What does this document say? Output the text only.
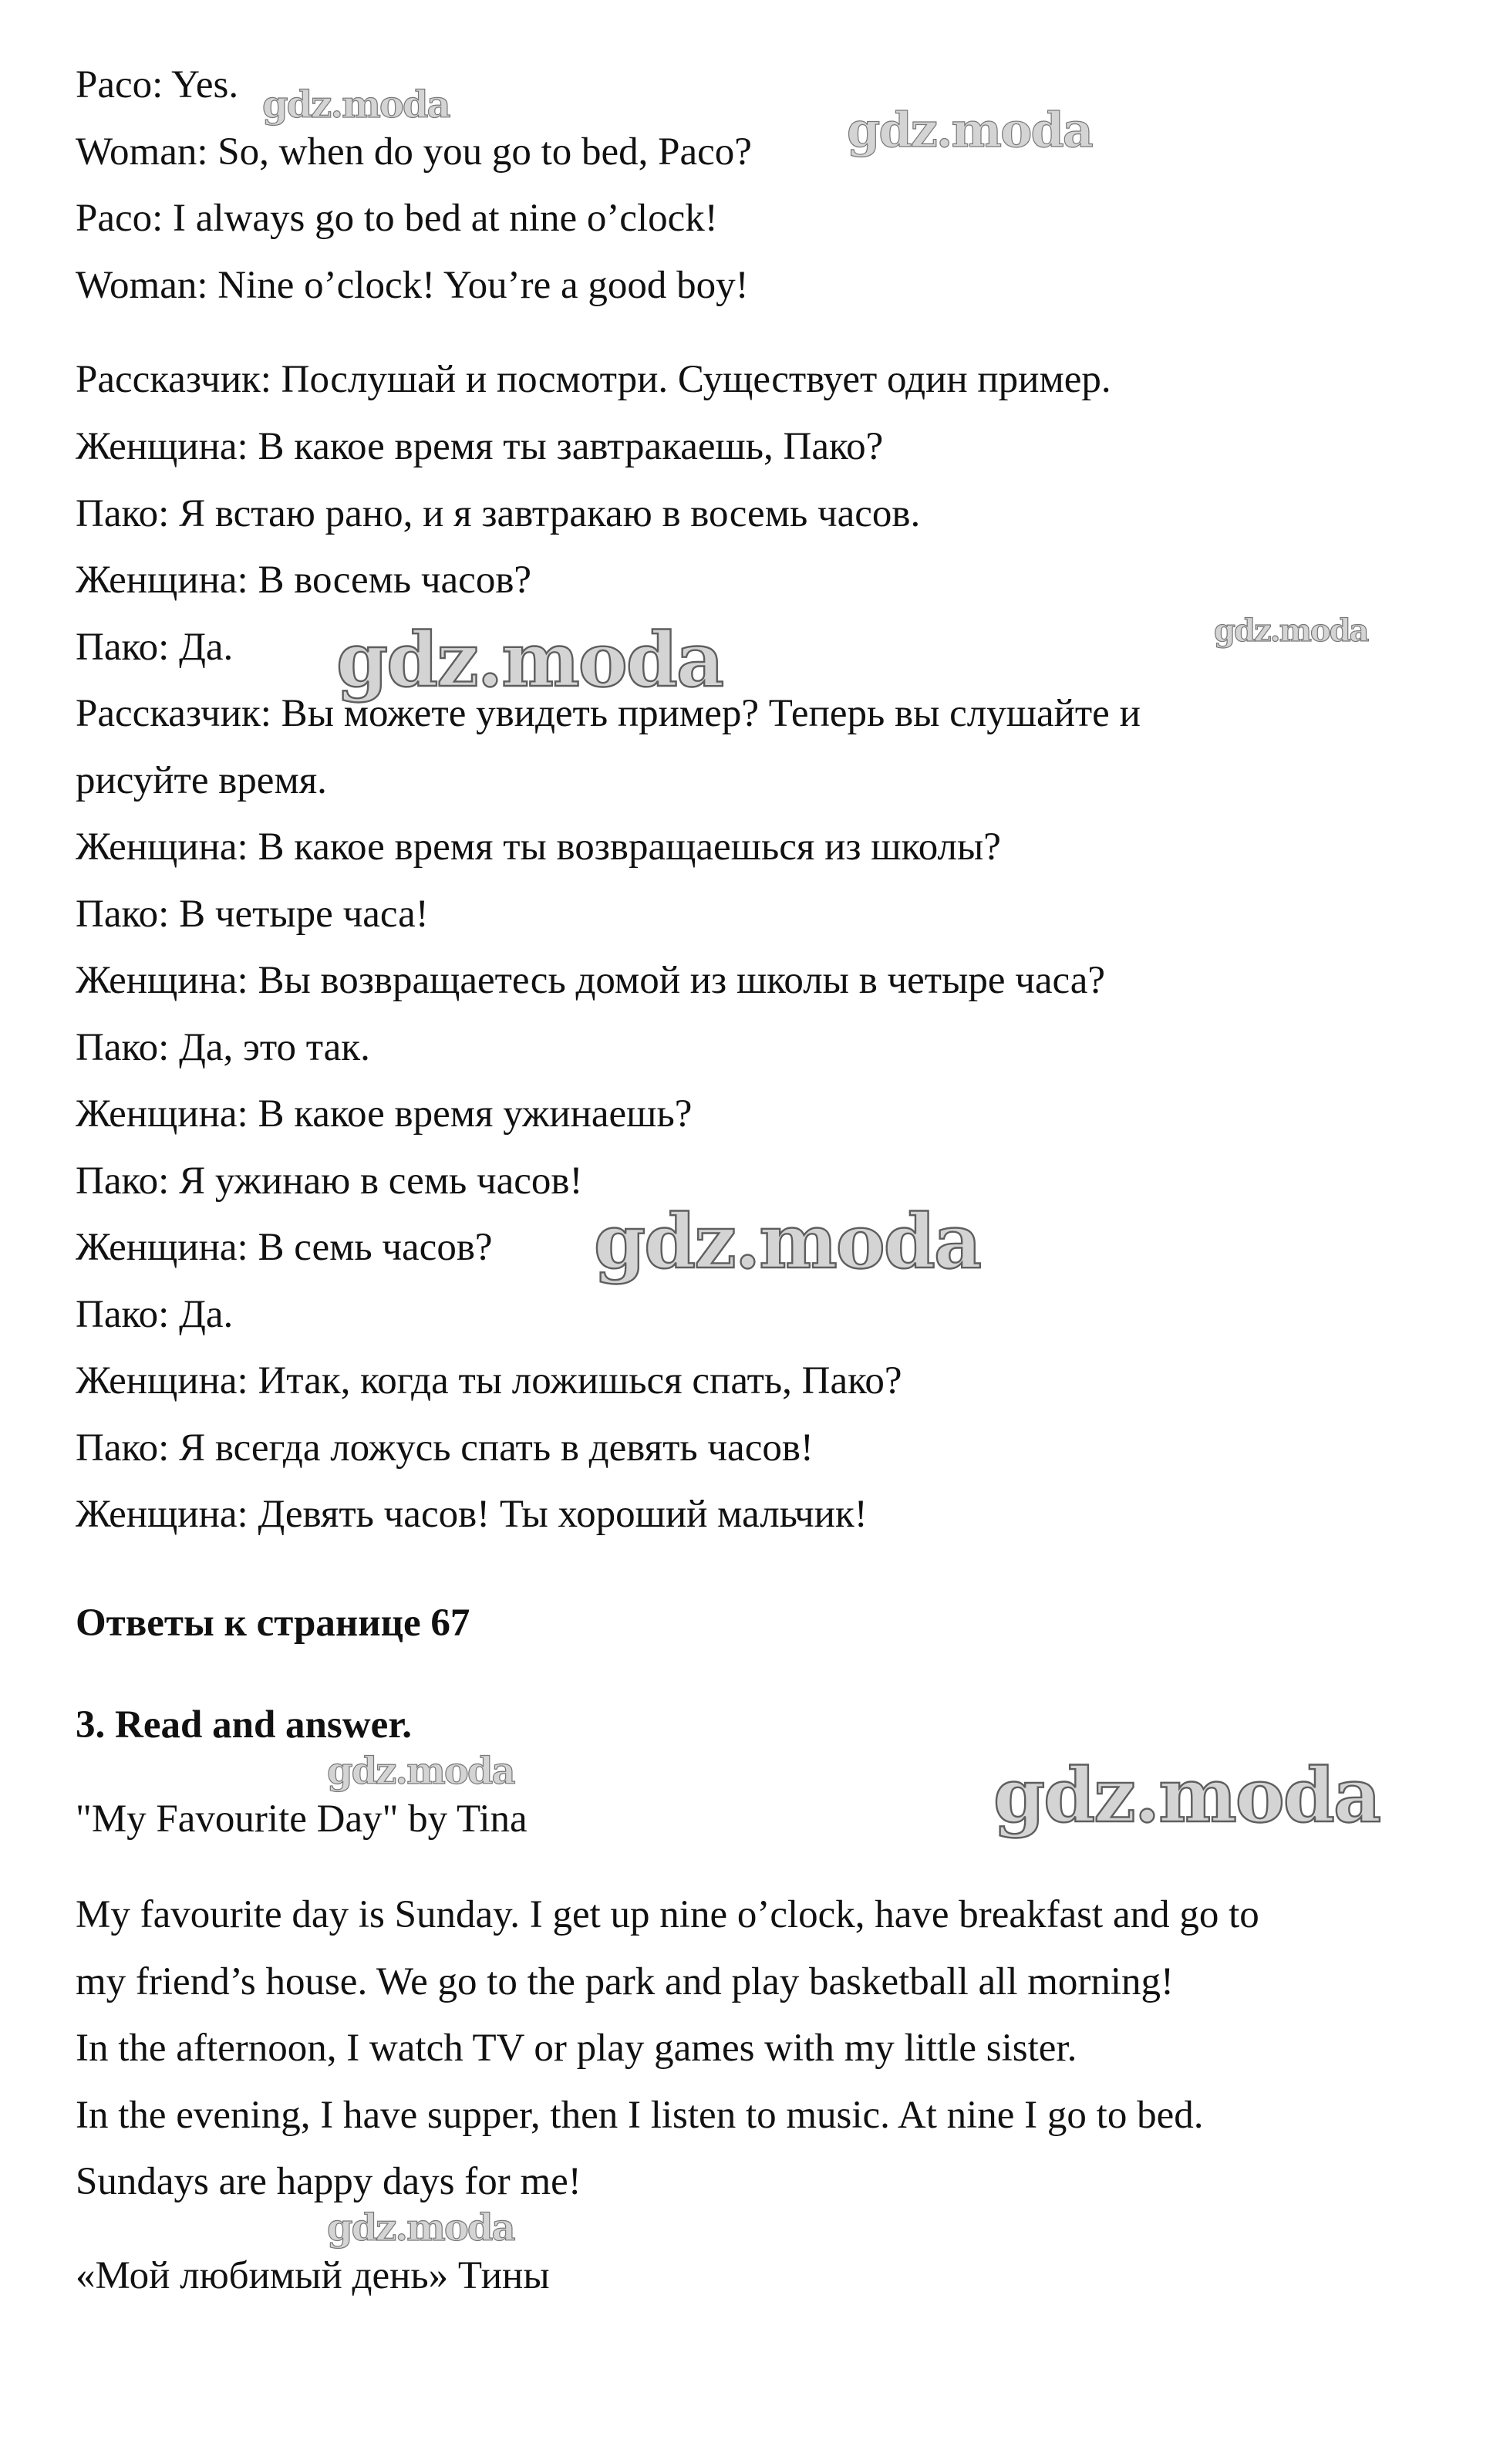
Paco: Yes.

Woman: So, when do you go to bed, Paco?

Paco: I always go to bed at nine o’clock!

Woman: Nine o’clock! You’re a good boy!

Рассказчик: Послушай и посмотри. Существует один пример.

Женщина: В какое время ты завтракаешь, Пако?

Пако: Я встаю рано, и я завтракаю в восемь часов.

Женщина: В восемь часов?

Пако: Да.

Рассказчик: Вы можете увидеть пример? Теперь вы слушайте и

рисуйте время.

Женщина: В какое время ты возвращаешься из школы?

Пако: В четыре часа!

Женщина: Вы возвращаетесь домой из школы в четыре часа?

Пако: Да, это так.

Женщина: В какое время ужинаешь?

Пако: Я ужинаю в семь часов!

Женщина: В семь часов?

Пако: Да.

Женщина: Итак, когда ты ложишься спать, Пако?

Пако: Я всегда ложусь спать в девять часов!

Женщина: Девять часов! Ты хороший мальчик!

Ответы к странице 67

3. Read and answer.

"My Favourite Day" by Tina

My favourite day is Sunday. I get up nine o’clock, have breakfast and go to

my friend’s house. We go to the park and play basketball all morning!

In the afternoon, I watch TV or play games with my little sister.

In the evening, I have supper, then I listen to music. At nine I go to bed.

Sundays are happy days for me!

«Мой любимый день» Тины

gdz.moda	gdz.moda
gdz.moda	gdz.moda
gdz.moda
gdz.moda	gdz.moda
gdz.moda
